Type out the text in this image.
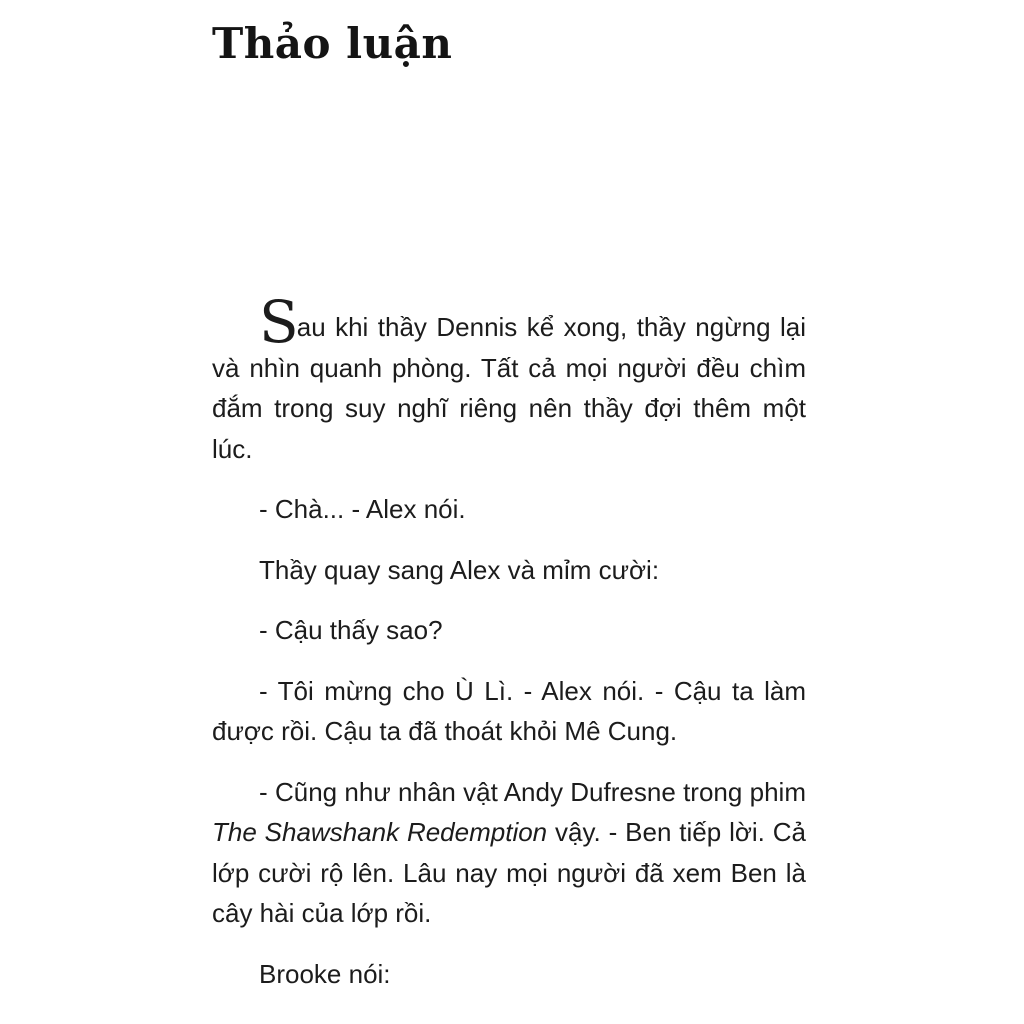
Thảo luận

Sau khi thầy Dennis kể xong, thầy ngừng lại và nhìn quanh phòng. Tất cả mọi người đều chìm đắm trong suy nghĩ riêng nên thầy đợi thêm một lúc.

- Chà... - Alex nói.

Thầy quay sang Alex và mỉm cười:

- Cậu thấy sao?

- Tôi mừng cho Ù Lì. - Alex nói. - Cậu ta làm được rồi. Cậu ta đã thoát khỏi Mê Cung.

- Cũng như nhân vật Andy Dufresne trong phim The Shawshank Redemption vậy. - Ben tiếp lời. Cả lớp cười rộ lên. Lâu nay mọi người đã xem Ben là cây hài của lớp rồi.

Brooke nói:
